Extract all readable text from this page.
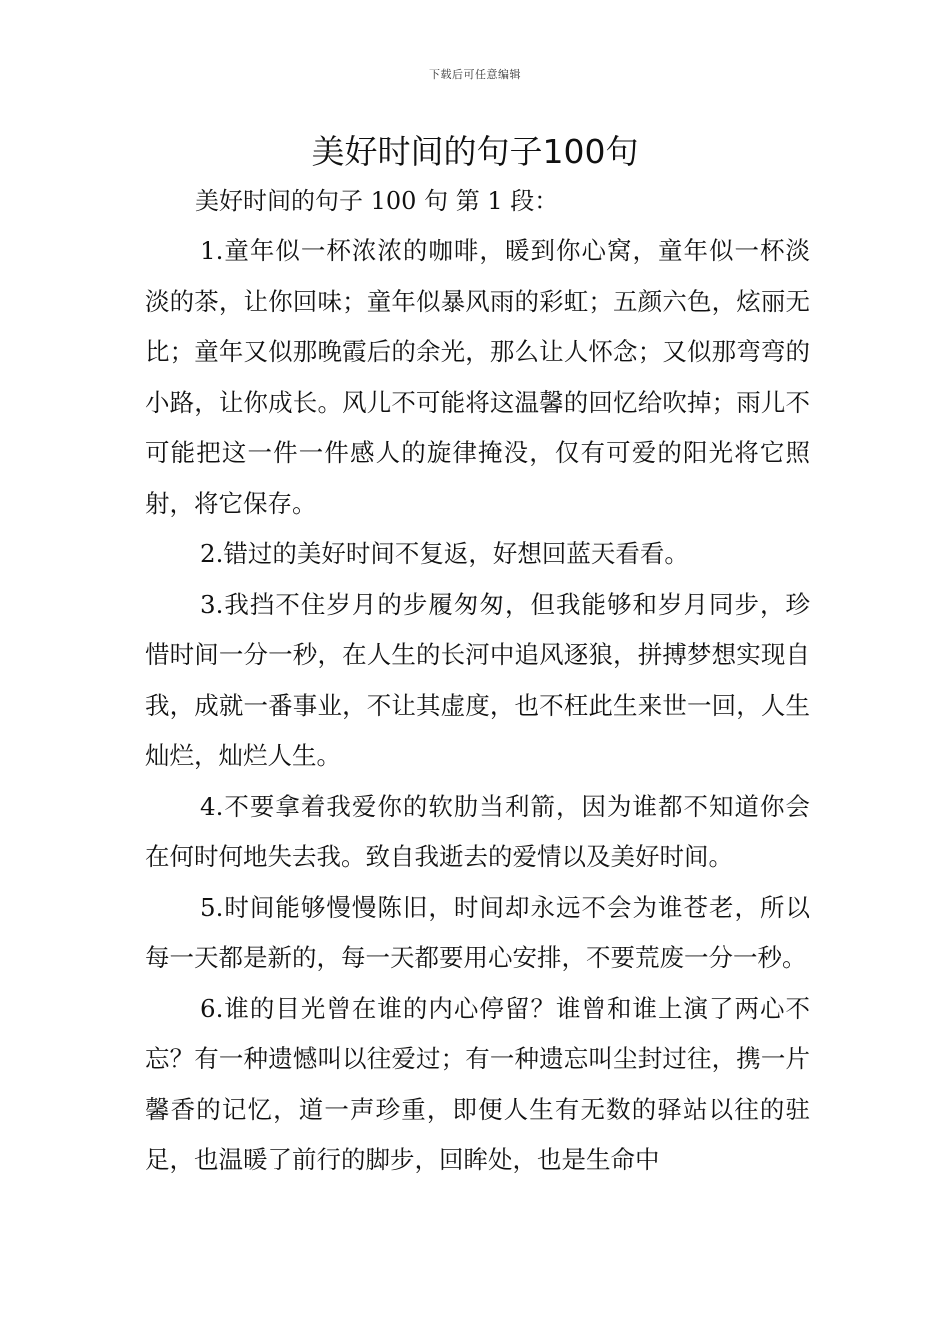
下载后可任意编辑
美好时间的句子100句

美好时间的句子 100 句 第 1 段：

1.童年似一杯浓浓的咖啡，暖到你心窝，童年似一杯淡淡的茶，让你回味；童年似暴风雨的彩虹；五颜六色，炫丽无比；童年又似那晚霞后的余光，那么让人怀念；又似那弯弯的小路，让你成长。风儿不可能将这温馨的回忆给吹掉；雨儿不可能把这一件一件感人的旋律掩没，仅有可爱的阳光将它照射，将它保存。

2.错过的美好时间不复返，好想回蓝天看看。

3.我挡不住岁月的步履匆匆，但我能够和岁月同步，珍惜时间一分一秒，在人生的长河中追风逐狼，拼搏梦想实现自我，成就一番事业，不让其虚度，也不枉此生来世一回，人生灿烂，灿烂人生。

4.不要拿着我爱你的软肋当利箭，因为谁都不知道你会在何时何地失去我。致自我逝去的爱情以及美好时间。

5.时间能够慢慢陈旧，时间却永远不会为谁苍老，所以每一天都是新的，每一天都要用心安排，不要荒废一分一秒。

6.谁的目光曾在谁的内心停留？谁曾和谁上演了两心不忘？有一种遗憾叫以往爱过；有一种遗忘叫尘封过往，携一片馨香的记忆，道一声珍重，即便人生有无数的驿站以往的驻足，也温暖了前行的脚步，回眸处，也是生命中
